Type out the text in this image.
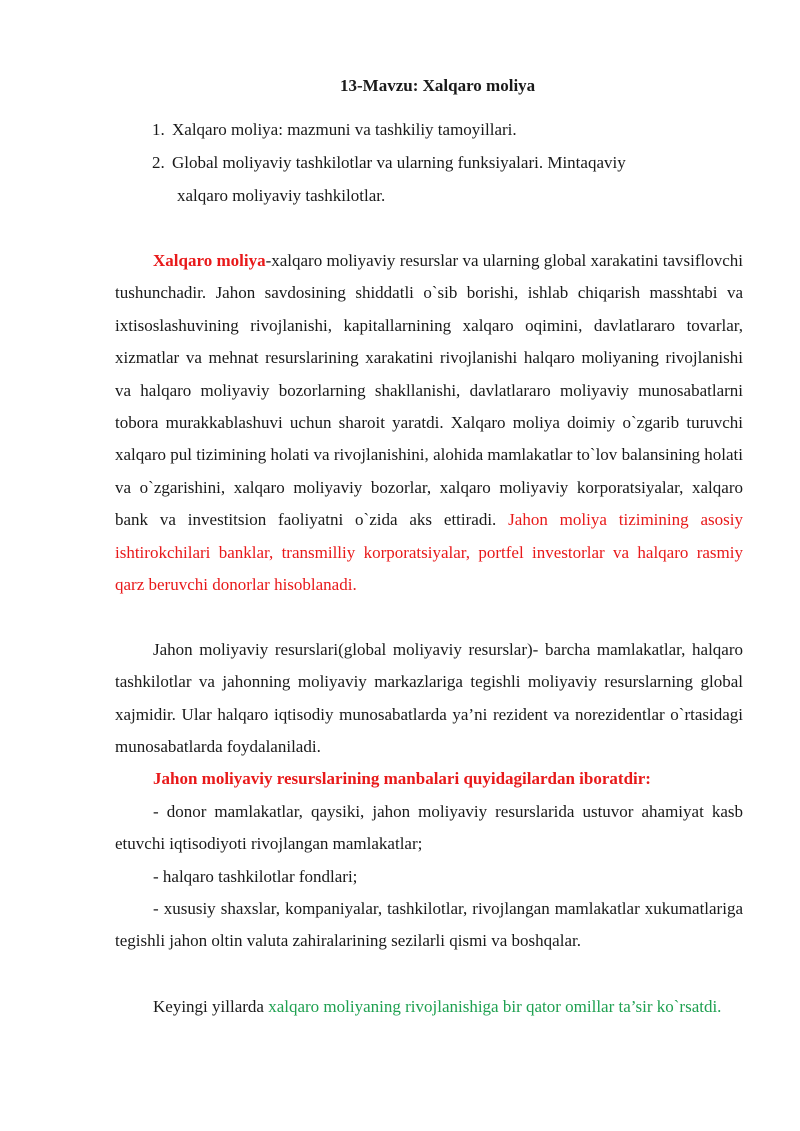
13-Mavzu: Xalqaro moliya
1. Xalqaro moliya: mazmuni va tashkiliy tamoyillari.
2. Global moliyaviy tashkilotlar va ularning funksiyalari. Mintaqaviy
xalqaro moliyaviy tashkilotlar.
Xalqaro moliya-xalqaro moliyaviy resurslar va ularning global xarakatini tavsiflovchi tushunchadir. Jahon savdosining shiddatli o`sib borishi, ishlab chiqarish masshtabi va ixtisoslashuvining rivojlanishi, kapitallarnining xalqaro oqimini, davlatlararo tovarlar, xizmatlar va mehnat resurslarining xarakatini rivojlanishi halqaro moliyaning rivojlanishi va halqaro moliyaviy bozorlarning shakllanishi, davlatlararo moliyaviy munosabatlarni tobora murakkablashuvi uchun sharoit yaratdi. Xalqaro moliya doimiy o`zgarib turuvchi xalqaro pul tizimining holati va rivojlanishini, alohida mamlakatlar to`lov balansining holati va o`zgarishini, xalqaro moliyaviy bozorlar, xalqaro moliyaviy korporatsiyalar, xalqaro bank va investitsion faoliyatni o`zida aks ettiradi. Jahon moliya tizimining asosiy ishtirokchilari banklar, transmilliy korporatsiyalar, portfel investorlar va halqaro rasmiy qarz beruvchi donorlar hisoblanadi.
Jahon moliyaviy resurslari(global moliyaviy resurslar)- barcha mamlakatlar, halqaro tashkilotlar va jahonning moliyaviy markazlariga tegishli moliyaviy resurslarning global xajmidir. Ular halqaro iqtisodiy munosabatlarda ya’ni rezident va norezidentlar o`rtasidagi munosabatlarda foydalaniladi.
Jahon moliyaviy resurslarining manbalari quyidagilardan iboratdir:
- donor mamlakatlar, qaysiki, jahon moliyaviy resurslarida ustuvor ahamiyat kasb etuvchi iqtisodiyoti rivojlangan mamlakatlar;
- halqaro tashkilotlar fondlari;
- xususiy shaxslar, kompaniyalar, tashkilotlar, rivojlangan mamlakatlar xukumatlariga tegishli jahon oltin valuta zahiralarining sezilarli qismi va boshqalar.
Keyingi yillarda xalqaro moliyaning rivojlanishiga bir qator omillar ta’sir ko`rsatdi.
